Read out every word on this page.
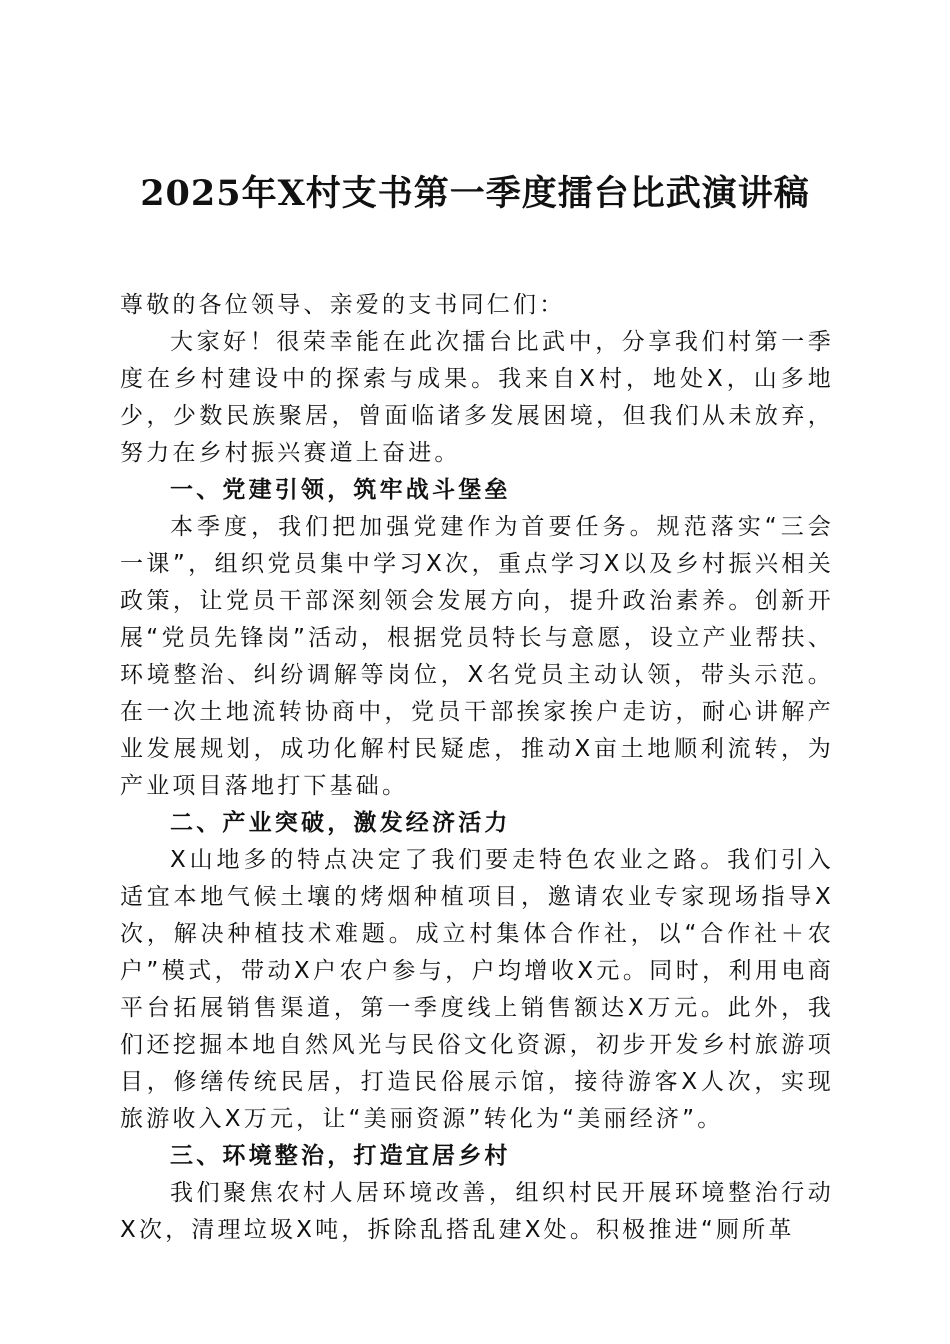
2025年X村支书第一季度擂台比武演讲稿

尊敬的各位领导、亲爱的支书同仁们：

大家好！很荣幸能在此次擂台比武中，分享我们村第一季度在乡村建设中的探索与成果。我来自X村，地处X，山多地少，少数民族聚居，曾面临诸多发展困境，但我们从未放弃，努力在乡村振兴赛道上奋进。

一、党建引领，筑牢战斗堡垒

本季度，我们把加强党建作为首要任务。规范落实“三会一课”，组织党员集中学习X次，重点学习X以及乡村振兴相关政策，让党员干部深刻领会发展方向，提升政治素养。创新开展“党员先锋岗”活动，根据党员特长与意愿，设立产业帮扶、环境整治、纠纷调解等岗位，X名党员主动认领，带头示范。在一次土地流转协商中，党员干部挨家挨户走访，耐心讲解产业发展规划，成功化解村民疑虑，推动X亩土地顺利流转，为产业项目落地打下基础。

二、产业突破，激发经济活力

X山地多的特点决定了我们要走特色农业之路。我们引入适宜本地气候土壤的烤烟种植项目，邀请农业专家现场指导X次，解决种植技术难题。成立村集体合作社，以“合作社＋农户”模式，带动X户农户参与，户均增收X元。同时，利用电商平台拓展销售渠道，第一季度线上销售额达X万元。此外，我们还挖掘本地自然风光与民俗文化资源，初步开发乡村旅游项目，修缮传统民居，打造民俗展示馆，接待游客X人次，实现旅游收入X万元，让“美丽资源”转化为“美丽经济”。

三、环境整治，打造宜居乡村

我们聚焦农村人居环境改善，组织村民开展环境整治行动X次，清理垃圾X吨，拆除乱搭乱建X处。积极推进“厕所革
